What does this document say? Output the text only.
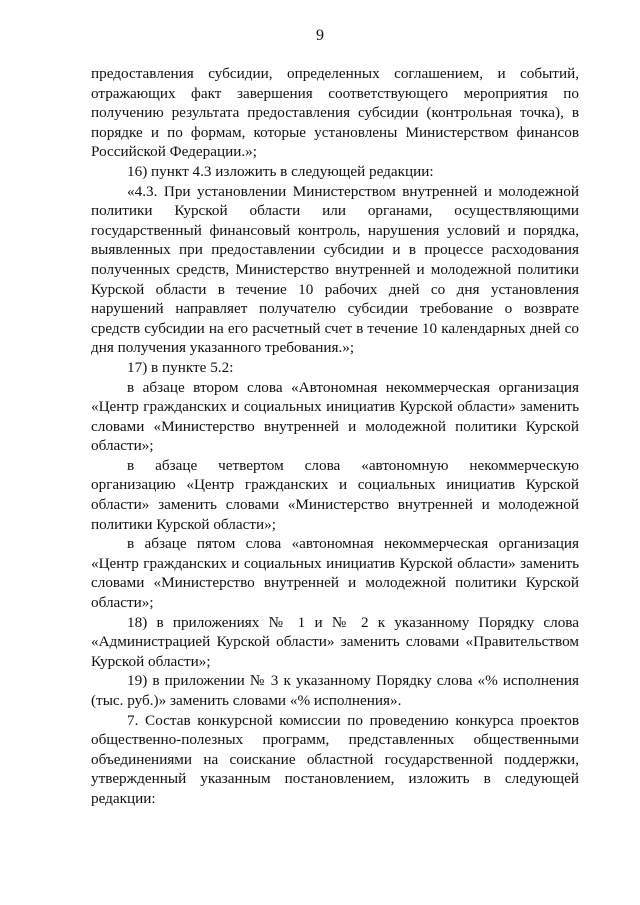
9

предоставления субсидии, определенных соглашением, и событий, отражающих факт завершения соответствующего мероприятия по получению результата предоставления субсидии (контрольная точка), в порядке и по формам, которые установлены Министерством финансов Российской Федерации.»;

16) пункт 4.3 изложить в следующей редакции:

«4.3. При установлении Министерством внутренней и молодежной политики Курской области или органами, осуществляющими государственный финансовый контроль, нарушения условий и порядка, выявленных при предоставлении субсидии и в процессе расходования полученных средств, Министерство внутренней и молодежной политики Курской области в течение 10 рабочих дней со дня установления нарушений направляет получателю субсидии требование о возврате средств субсидии на его расчетный счет в течение 10 календарных дней со дня получения указанного требования.»;

17) в пункте 5.2:

в абзаце втором слова «Автономная некоммерческая организация «Центр гражданских и социальных инициатив Курской области» заменить словами «Министерство внутренней и молодежной политики Курской области»;

в абзаце четвертом слова «автономную некоммерческую организацию «Центр гражданских и социальных инициатив Курской области» заменить словами «Министерство внутренней и молодежной политики Курской области»;

в абзаце пятом слова «автономная некоммерческая организация «Центр гражданских и социальных инициатив Курской области» заменить словами «Министерство внутренней и молодежной политики Курской области»;

18) в приложениях № 1 и № 2 к указанному Порядку слова «Администрацией Курской области» заменить словами «Правительством Курской области»;

19) в приложении № 3 к указанному Порядку слова «% исполнения (тыс. руб.)» заменить словами «% исполнения».

7. Состав конкурсной комиссии по проведению конкурса проектов общественно-полезных программ, представленных общественными объединениями на соискание областной государственной поддержки, утвержденный указанным постановлением, изложить в следующей редакции:
